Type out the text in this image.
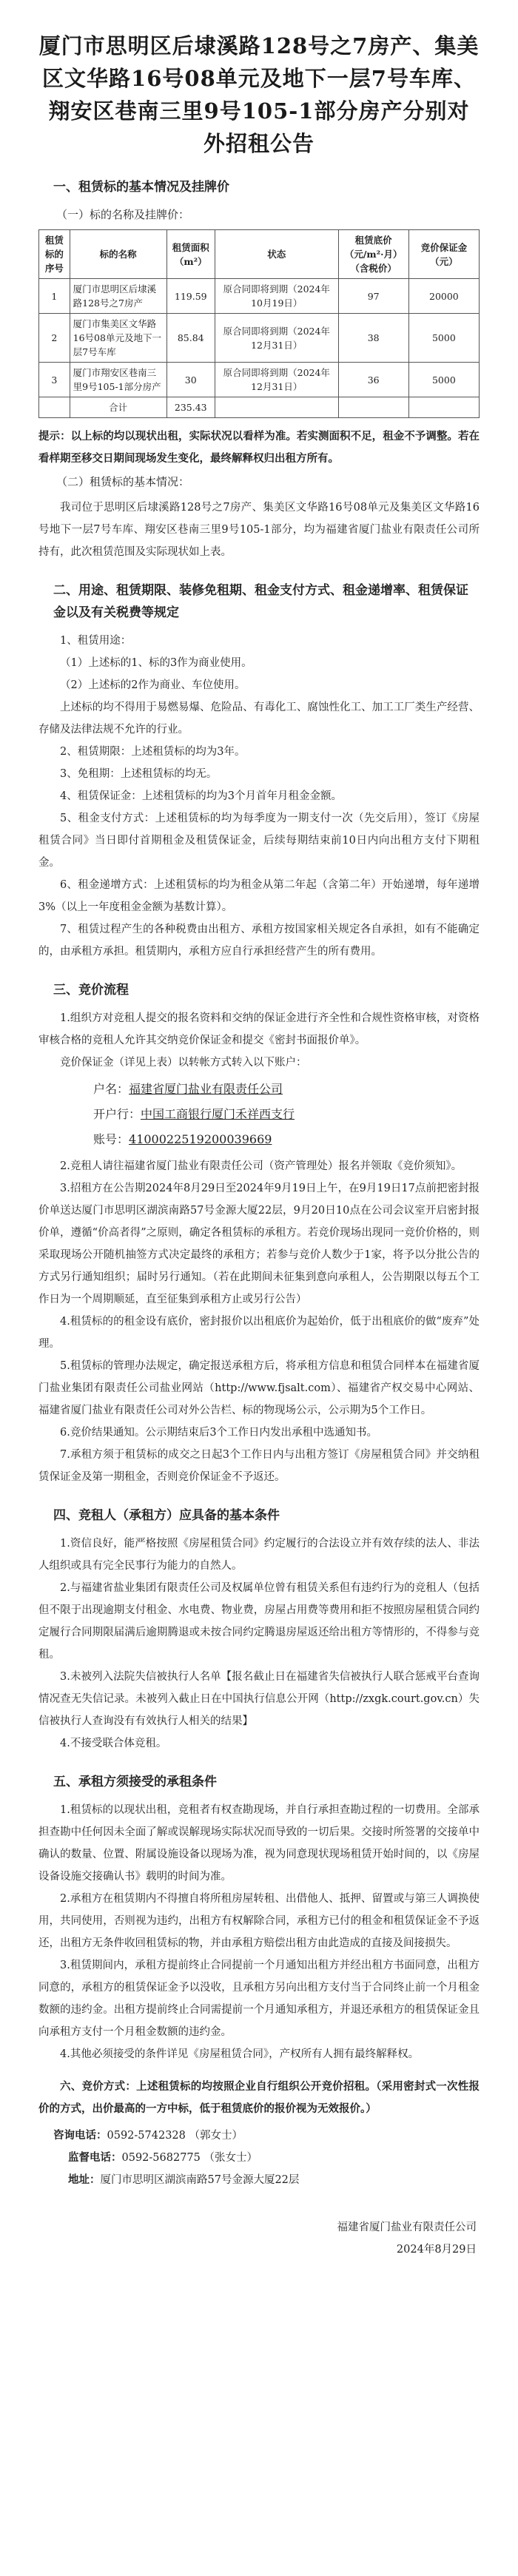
厦门市思明区后埭溪路128号之7房产、集美区文华路16号08单元及地下一层7号车库、翔安区巷南三里9号105-1部分房产分别对外招租公告
一、租赁标的基本情况及挂牌价
（一）标的名称及挂牌价：
租赁标的序号	标的名称	租赁面积（m²）	状态	租赁底价（元/m²·月）（含税价）	竞价保证金（元）
1	厦门市思明区后埭溪路128号之7房产	119.59	原合同即将到期（2024年10月19日）	97	20000
2	厦门市集美区文华路16号08单元及地下一层7号车库	85.84	原合同即将到期（2024年12月31日）	38	5000
3	厦门市翔安区巷南三里9号105-1部分房产	30	原合同即将到期（2024年12月31日）	36	5000
	合计	235.43			

提示：以上标的均以现状出租，实际状况以看样为准。若实测面积不足，租金不予调整。若在看样期至移交日期间现场发生变化，最终解释权归出租方所有。

（二）租赁标的基本情况：

我司位于思明区后埭溪路128号之7房产、集美区文华路16号08单元及集美区文华路16号地下一层7号车库、翔安区巷南三里9号105-1部分，均为福建省厦门盐业有限责任公司所持有，此次租赁范围及实际现状如上表。

二、用途、租赁期限、装修免租期、租金支付方式、租金递增率、租赁保证金以及有关税费等规定

1、租赁用途：

（1）上述标的1、标的3作为商业使用。

（2）上述标的2作为商业、车位使用。

上述标的均不得用于易燃易爆、危险品、有毒化工、腐蚀性化工、加工工厂类生产经营、存储及法律法规不允许的行业。

2、租赁期限：上述租赁标的均为3年。

3、免租期：上述租赁标的均无。

4、租赁保证金：上述租赁标的均为3个月首年月租金金额。

5、租金支付方式：上述租赁标的均为每季度为一期支付一次（先交后用），签订《房屋租赁合同》当日即付首期租金及租赁保证金，后续每期结束前10日内向出租方支付下期租金。

6、租金递增方式：上述租赁标的均为租金从第二年起（含第二年）开始递增，每年递增3%（以上一年度租金金额为基数计算）。

7、租赁过程产生的各种税费由出租方、承租方按国家相关规定各自承担，如有不能确定的，由承租方承担。租赁期内，承租方应自行承担经营产生的所有费用。

三、竞价流程

1.组织方对竞租人提交的报名资料和交纳的保证金进行齐全性和合规性资格审核，对资格审核合格的竞租人允许其交纳竞价保证金和提交《密封书面报价单》。

竞价保证金（详见上表）以转帐方式转入以下账户：

户名：福建省厦门盐业有限责任公司
开户行：中国工商银行厦门禾祥西支行
账号：4100022519200039669

2.竞租人请往福建省厦门盐业有限责任公司（资产管理处）报名并领取《竞价须知》。

3.招租方在公告期2024年8月29日至2024年9月19日上午，在9月19日17点前把密封报价单送达厦门市思明区湖滨南路57号金源大厦22层，9月20日10点在公司会议室开启密封报价单，遵循“价高者得”之原则，确定各租赁标的承租方。若竞价现场出现同一竞价价格的，则采取现场公开随机抽签方式决定最终的承租方；若参与竞价人数少于1家，将予以分批公告的方式另行通知组织；届时另行通知。（若在此期间未征集到意向承租人，公告期限以每五个工作日为一个周期顺延，直至征集到承租方止或另行公告）

4.租赁标的的租金设有底价，密封报价以出租底价为起始价，低于出租底价的做“废弃”处理。

5.租赁标的管理办法规定，确定报送承租方后，将承租方信息和租赁合同样本在福建省厦门盐业集团有限责任公司盐业网站（http://www.fjsalt.com）、福建省产权交易中心网站、福建省厦门盐业有限责任公司对外公告栏、标的物现场公示，公示期为5个工作日。

6.竞价结果通知。公示期结束后3个工作日内发出承租中选通知书。

7.承租方须于租赁标的成交之日起3个工作日内与出租方签订《房屋租赁合同》并交纳租赁保证金及第一期租金，否则竞价保证金不予返还。

四、竞租人（承租方）应具备的基本条件

1.资信良好，能严格按照《房屋租赁合同》约定履行的合法设立并有效存续的法人、非法人组织或具有完全民事行为能力的自然人。

2.与福建省盐业集团有限责任公司及权属单位曾有租赁关系但有违约行为的竞租人（包括但不限于出现逾期支付租金、水电费、物业费，房屋占用费等费用和拒不按照房屋租赁合同约定履行合同期限届满后逾期腾退或未按合同约定腾退房屋返还给出租方等情形的，不得参与竞租。

3.未被列入法院失信被执行人名单【报名截止日在福建省失信被执行人联合惩戒平台查询情况查无失信记录。未被列入截止日在中国执行信息公开网（http://zxgk.court.gov.cn）失信被执行人查询没有有效执行人相关的结果】

4.不接受联合体竞租。

五、承租方须接受的承租条件

1.租赁标的以现状出租，竞租者有权查勘现场，并自行承担查勘过程的一切费用。全部承担查勘中任何因未全面了解或误解现场实际状况而导致的一切后果。交接时所签署的交接单中确认的数量、位置、附属设施设备以现场为准，视为同意现状现场租赁开始时间的，以《房屋设备设施交接确认书》载明的时间为准。

2.承租方在租赁期内不得擅自将所租房屋转租、出借他人、抵押、留置或与第三人调换使用，共同使用，否则视为违约，出租方有权解除合同，承租方已付的租金和租赁保证金不予返还，出租方无条件收回租赁标的物，并由承租方赔偿出租方由此造成的直接及间接损失。

3.租赁期间内，承租方提前终止合同提前一个月通知出租方并经出租方书面同意，出租方同意的，承租方的租赁保证金予以没收，且承租方另向出租方支付当于合同终止前一个月租金数额的违约金。出租方提前终止合同需提前一个月通知承租方，并退还承租方的租赁保证金且向承租方支付一个月租金数额的违约金。

4.其他必须接受的条件详见《房屋租赁合同》，产权所有人拥有最终解释权。

六、竞价方式：上述租赁标的均按照企业自行组织公开竞价招租。（采用密封式一次性报价的方式，出价最高的一方中标，低于租赁底价的报价视为无效报价。）

咨询电话：0592-5742328 （郭女士）
监督电话：0592-5682775 （张女士）
地址：厦门市思明区湖滨南路57号金源大厦22层
福建省厦门盐业有限责任公司
2024年8月29日
